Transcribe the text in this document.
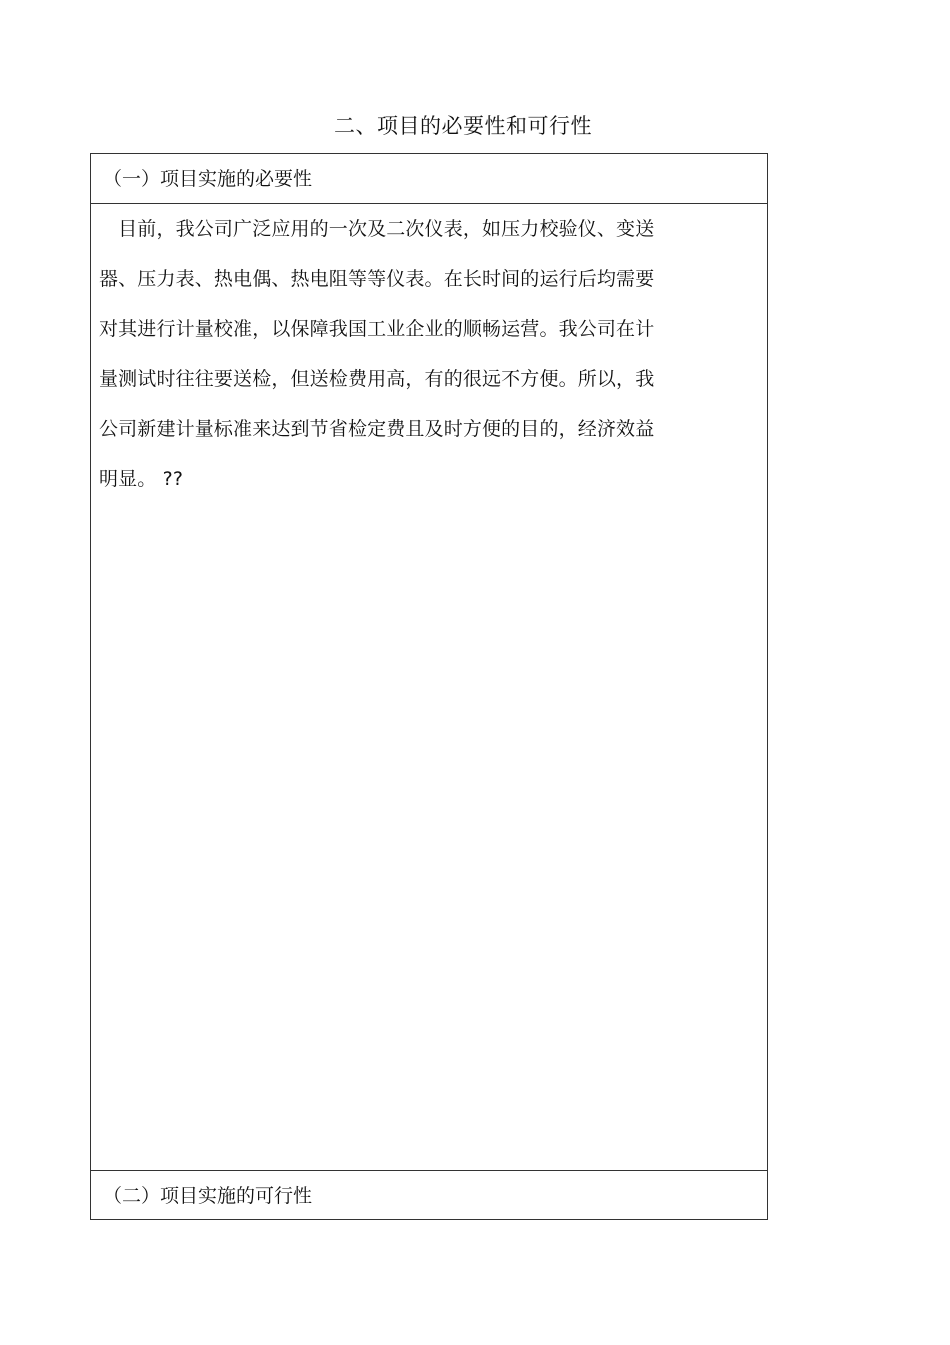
二、项目的必要性和可行性
（一）项目实施的必要性
　目前，我公司广泛应用的一次及二次仪表，如压力校验仪、变送
器、压力表、热电偶、热电阻等等仪表。在长时间的运行后均需要
对其进行计量校准，以保障我国工业企业的顺畅运营。我公司在计
量测试时往往要送检，但送检费用高，有的很远不方便。所以，我
公司新建计量标准来达到节省检定费且及时方便的目的，经济效益
明显。 ??
（二）项目实施的可行性
